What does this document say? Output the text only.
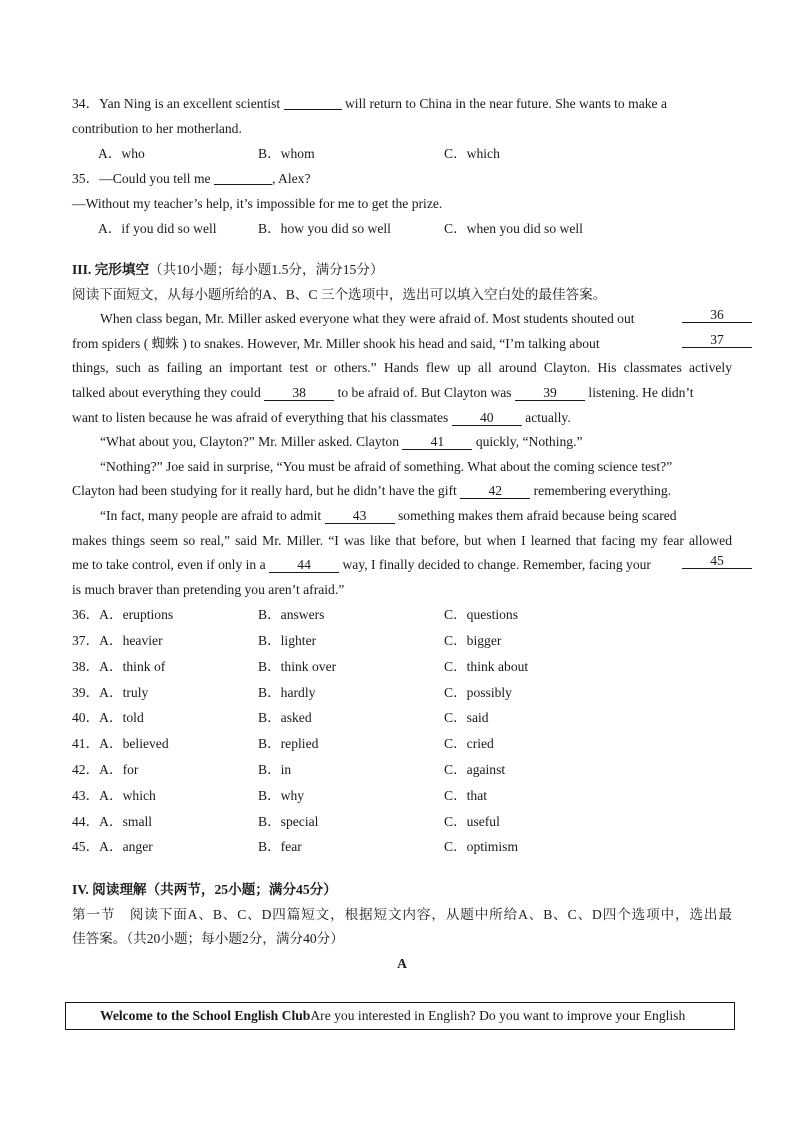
34．Yan Ning is an excellent scientist	will return to China in the near future. She wants to make a
contribution to her motherland.
A．who	B．whom	C．which
35．—Could you tell me	, Alex?
—Without my teacher’s help, it’s impossible for me to get the prize.
A．if you did so well	B．how you did so well	C．when you did so well
III. 完形填空（共10小题；每小题1.5分，满分15分）
阅读下面短文，从每小题所给的A、B、C 三个选项中，选出可以填入空白处的最佳答案。
When class began, Mr. Miller asked everyone what they were afraid of. Most students shouted out	36
from spiders ( 蜘蛛 ) to snakes. However, Mr. Miller shook his head and said, “I’m talking about	37
things, such as failing an important test or others.” Hands flew up all around Clayton. His classmates actively
talked about everything they could 38 to be afraid of. But Clayton was 39 listening. He didn’t
want to listen because he was afraid of everything that his classmates 40 actually.
“What about you, Clayton?” Mr. Miller asked. Clayton 41 quickly, “Nothing.”
“Nothing?” Joe said in surprise, “You must be afraid of something. What about the coming science test?”
Clayton had been studying for it really hard, but he didn’t have the gift 42 remembering everything.
“In fact, many people are afraid to admit 43 something makes them afraid because being scared
makes things seem so real,” said Mr. Miller. “I was like that before, but when I learned that facing my fear allowed
me to take control, even if only in a 44 way, I finally decided to change. Remember, facing your	45
is much braver than pretending you aren’t afraid.”
36．A．eruptions	B．answers	C．questions
37．A．heavier	B．lighter	C．bigger
38．A．think of	B．think over	C．think about
39．A．truly	B．hardly	C．possibly
40．A．told	B．asked	C．said
41．A．believed	B．replied	C．cried
42．A．for	B．in	C．against
43．A．which	B．why	C．that
44．A．small	B．special	C．useful
45．A．anger	B．fear	C．optimism
IV. 阅读理解（共两节，25小题；满分45分）
第一节　阅读下面A、B、C、D四篇短文，根据短文内容，从题中所给A、B、C、D四个选项中，选出最
佳答案。（共20小题；每小题2分，满分40分）
A
Welcome to the School English ClubAre you interested in English? Do you want to improve your English
